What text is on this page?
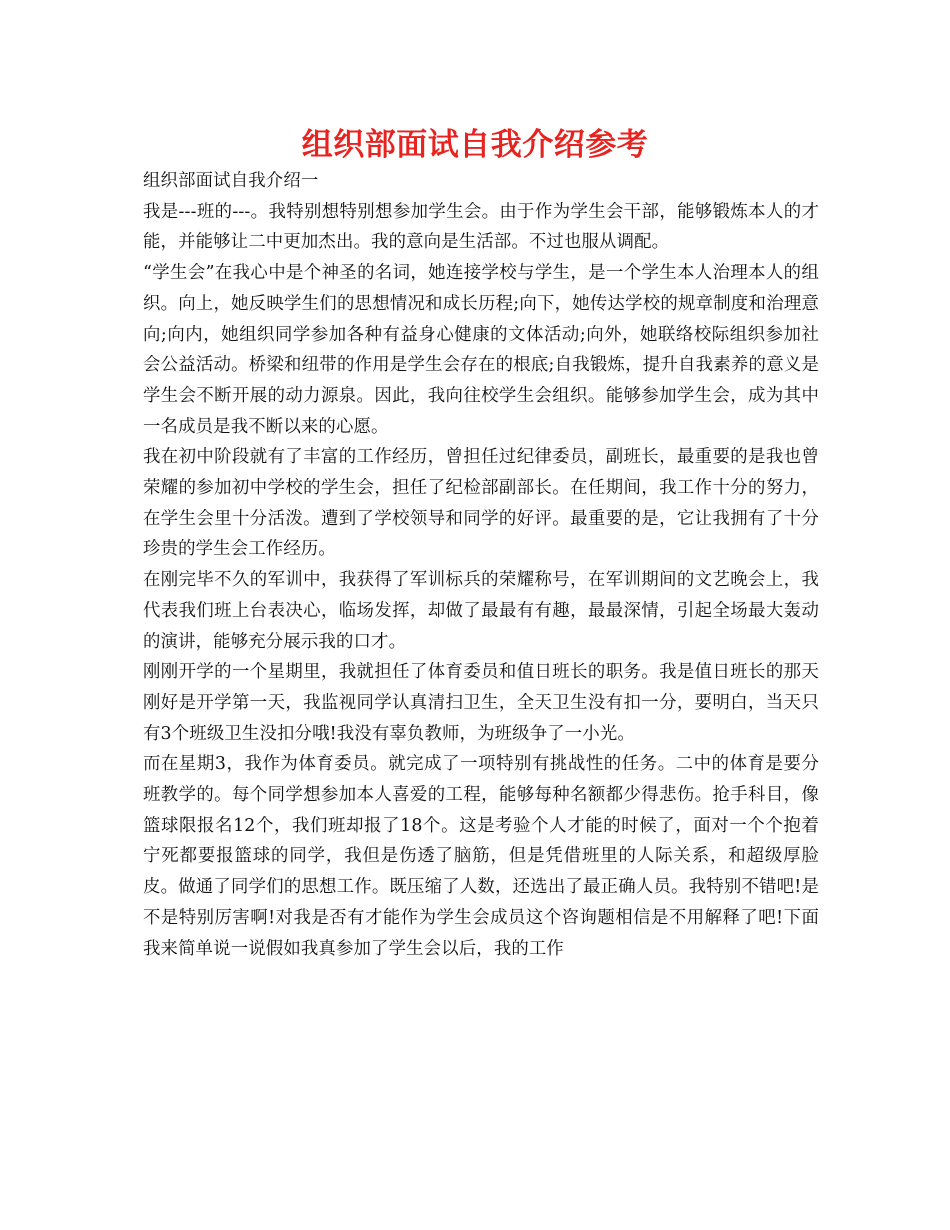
组织部面试自我介绍参考

组织部面试自我介绍一

我是---班的---。我特别想特别想参加学生会。由于作为学生会干部，能够锻炼本人的才能，并能够让二中更加杰出。我的意向是生活部。不过也服从调配。

“学生会”在我心中是个神圣的名词，她连接学校与学生，是一个学生本人治理本人的组织。向上，她反映学生们的思想情况和成长历程;向下，她传达学校的规章制度和治理意向;向内，她组织同学参加各种有益身心健康的文体活动;向外，她联络校际组织参加社会公益活动。桥梁和纽带的作用是学生会存在的根底;自我锻炼，提升自我素养的意义是学生会不断开展的动力源泉。因此，我向往校学生会组织。能够参加学生会，成为其中一名成员是我不断以来的心愿。

我在初中阶段就有了丰富的工作经历，曾担任过纪律委员，副班长，最重要的是我也曾荣耀的参加初中学校的学生会，担任了纪检部副部长。在任期间，我工作十分的努力，在学生会里十分活泼。遭到了学校领导和同学的好评。最重要的是，它让我拥有了十分珍贵的学生会工作经历。

在刚完毕不久的军训中，我获得了军训标兵的荣耀称号，在军训期间的文艺晚会上，我代表我们班上台表决心，临场发挥，却做了最最有有趣，最最深情，引起全场最大轰动的演讲，能够充分展示我的口才。

刚刚开学的一个星期里，我就担任了体育委员和值日班长的职务。我是值日班长的那天刚好是开学第一天，我监视同学认真清扫卫生，全天卫生没有扣一分，要明白，当天只有3个班级卫生没扣分哦!我没有辜负教师，为班级争了一小光。

而在星期3，我作为体育委员。就完成了一项特别有挑战性的任务。二中的体育是要分班教学的。每个同学想参加本人喜爱的工程，能够每种名额都少得悲伤。抢手科目，像篮球限报名12个，我们班却报了18个。这是考验个人才能的时候了，面对一个个抱着宁死都要报篮球的同学，我但是伤透了脑筋，但是凭借班里的人际关系，和超级厚脸皮。做通了同学们的思想工作。既压缩了人数，还选出了最正确人员。我特别不错吧!是不是特别厉害啊!对我是否有才能作为学生会成员这个咨询题相信是不用解释了吧!下面我来简单说一说假如我真参加了学生会以后，我的工作
